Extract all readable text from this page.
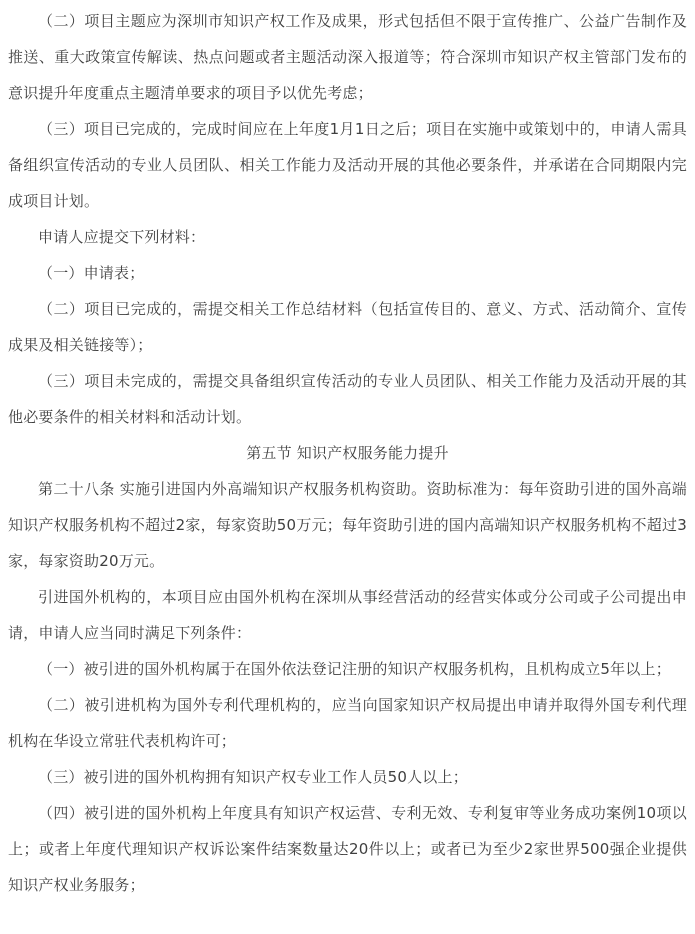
（二）项目主题应为深圳市知识产权工作及成果，形式包括但不限于宣传推广、公益广告制作及推送、重大政策宣传解读、热点问题或者主题活动深入报道等；符合深圳市知识产权主管部门发布的意识提升年度重点主题清单要求的项目予以优先考虑；

（三）项目已完成的，完成时间应在上年度1月1日之后；项目在实施中或策划中的，申请人需具备组织宣传活动的专业人员团队、相关工作能力及活动开展的其他必要条件，并承诺在合同期限内完成项目计划。

申请人应提交下列材料：

（一）申请表；

（二）项目已完成的，需提交相关工作总结材料（包括宣传目的、意义、方式、活动简介、宣传成果及相关链接等）；

（三）项目未完成的，需提交具备组织宣传活动的专业人员团队、相关工作能力及活动开展的其他必要条件的相关材料和活动计划。

第五节 知识产权服务能力提升

第二十八条 实施引进国内外高端知识产权服务机构资助。资助标准为：每年资助引进的国外高端知识产权服务机构不超过2家，每家资助50万元；每年资助引进的国内高端知识产权服务机构不超过3家，每家资助20万元。

引进国外机构的，本项目应由国外机构在深圳从事经营活动的经营实体或分公司或子公司提出申请，申请人应当同时满足下列条件：

（一）被引进的国外机构属于在国外依法登记注册的知识产权服务机构，且机构成立5年以上；

（二）被引进机构为国外专利代理机构的，应当向国家知识产权局提出申请并取得外国专利代理机构在华设立常驻代表机构许可；

（三）被引进的国外机构拥有知识产权专业工作人员50人以上；

（四）被引进的国外机构上年度具有知识产权运营、专利无效、专利复审等业务成功案例10项以上；或者上年度代理知识产权诉讼案件结案数量达20件以上；或者已为至少2家世界500强企业提供知识产权业务服务；
